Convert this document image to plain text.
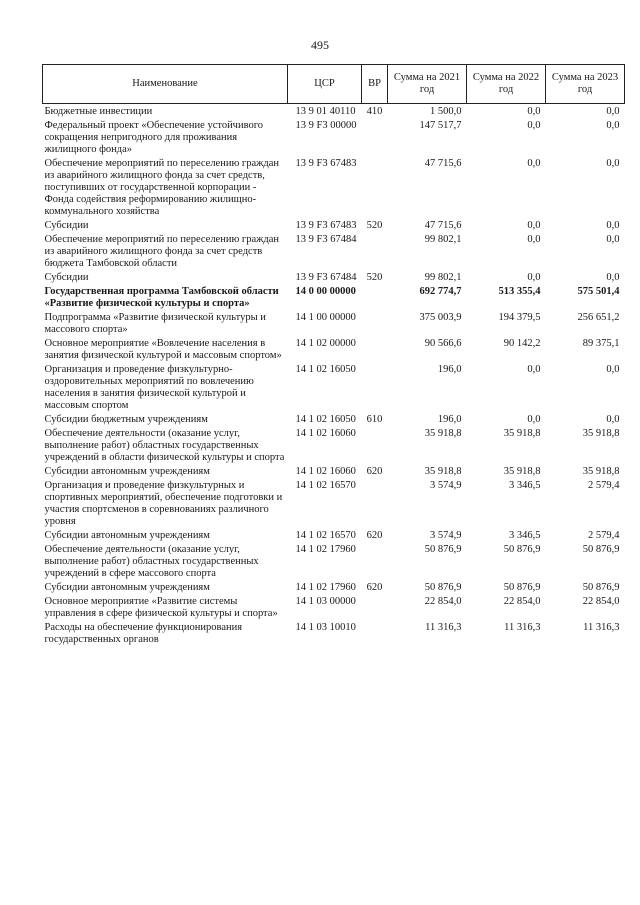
495
Наименование	ЦСР	ВР	Сумма на 2021 год	Сумма на 2022 год	Сумма на 2023 год
Бюджетные инвестиции	13 9 01 40110	410	1 500,0	0,0	0,0
Федеральный проект «Обеспечение устойчивого сокращения непригодного для проживания жилищного фонда»	13 9 F3 00000		147 517,7	0,0	0,0
Обеспечение мероприятий по переселению граждан из аварийного жилищного фонда за счет средств, поступивших от государственной корпорации - Фонда содействия реформированию жилищно-коммунального хозяйства	13 9 F3 67483		47 715,6	0,0	0,0
Субсидии	13 9 F3 67483	520	47 715,6	0,0	0,0
Обеспечение мероприятий по переселению граждан из аварийного жилищного фонда за счет средств бюджета Тамбовской области	13 9 F3 67484		99 802,1	0,0	0,0
Субсидии	13 9 F3 67484	520	99 802,1	0,0	0,0
Государственная программа Тамбовской области «Развитие физической культуры и спорта»	14 0 00 00000		692 774,7	513 355,4	575 501,4
Подпрограмма «Развитие физической культуры и массового спорта»	14 1 00 00000		375 003,9	194 379,5	256 651,2
Основное мероприятие «Вовлечение населения в занятия физической культурой и массовым спортом»	14 1 02 00000		90 566,6	90 142,2	89 375,1
Организация и проведение физкультурно-оздоровительных мероприятий по вовлечению населения в занятия физической культурой и массовым спортом	14 1 02 16050		196,0	0,0	0,0
Субсидии бюджетным учреждениям	14 1 02 16050	610	196,0	0,0	0,0
Обеспечение деятельности (оказание услуг, выполнение работ) областных государственных учреждений в области физической культуры и спорта	14 1 02 16060		35 918,8	35 918,8	35 918,8
Субсидии автономным учреждениям	14 1 02 16060	620	35 918,8	35 918,8	35 918,8
Организация и проведение физкультурных и спортивных мероприятий, обеспечение подготовки и участия спортсменов в соревнованиях различного уровня	14 1 02 16570		3 574,9	3 346,5	2 579,4
Субсидии автономным учреждениям	14 1 02 16570	620	3 574,9	3 346,5	2 579,4
Обеспечение деятельности (оказание услуг, выполнение работ) областных государственных учреждений в сфере массового спорта	14 1 02 17960		50 876,9	50 876,9	50 876,9
Субсидии автономным учреждениям	14 1 02 17960	620	50 876,9	50 876,9	50 876,9
Основное мероприятие «Развитие системы управления в сфере физической культуры и спорта»	14 1 03 00000		22 854,0	22 854,0	22 854,0
Расходы на обеспечение функционирования государственных органов	14 1 03 10010		11 316,3	11 316,3	11 316,3
